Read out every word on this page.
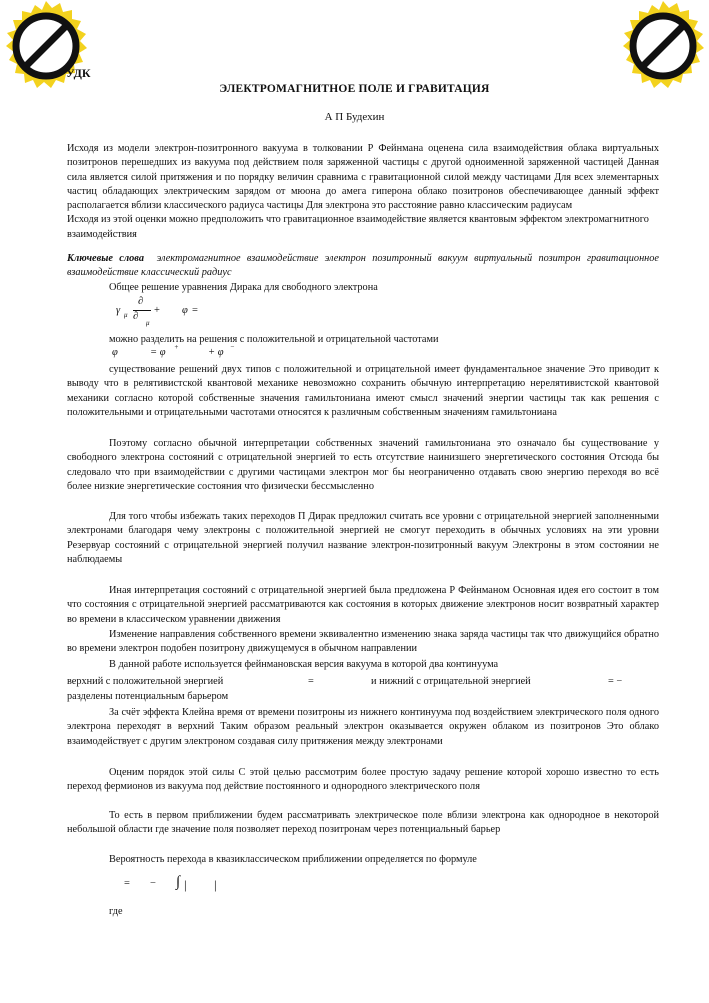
УДК
ЭЛЕКТРОМАГНИТНОЕ ПОЛЕ И ГРАВИТАЦИЯ
А П Будехин

Исходя из модели электрон-позитронного вакуума в толковании Р Фейнмана оценена сила взаимодействия облака виртуальных позитронов перешедших из вакуума под действием поля заряженной частицы с другой одноименной заряженной частицей Данная сила является силой притяжения и по порядку величин сравнима с гравитационной силой между частицами Для всех элементарных частиц обладающих электрическим зарядом от мюона до амега гиперона облако позитронов обеспечивающее данный эффект располагается вблизи классического радиуса частицы Для электрона это расстояние равно классическим радиусам

Исходя из этой оценки можно предположить что гравитационное взаимодействие является квантовым эффектом электромагнитного взаимодействия

Ключевые слова электромагнитное взаимодействие электрон позитронный вакуум виртуальный позитрон гравитационное взаимодействие классический радиус
Общее решение уравнения Дирака для свободного электрона
γ μ
∂
∂
μ
+ φ =
можно разделить на решения с положительной и отрицательной частотами
φ	= φ +	+ φ −
существование решений двух типов с положительной и отрицательной имеет фундаментальное значение Это приводит к выводу что в релятивистской квантовой механике невозможно сохранить обычную интерпретацию нерелятивистской квантовой механики согласно которой собственные значения гамильтониана имеют смысл значений энергии частицы так как решения с положительными и отрицательными частотами относятся к различным собственным значениям гамильтониана
Поэтому согласно обычной интерпретации собственных значений гамильтониана это означало бы существование у свободного электрона состояний с отрицательной энергией то есть отсутствие наинизшего энергетического состояния Отсюда бы следовало что при взаимодействии с другими частицами электрон мог бы неограниченно отдавать свою энергию переходя во всё более низкие энергетические состояния что физически бессмысленно
Для того чтобы избежать таких переходов П Дирак предложил считать все уровни с отрицательной энергией заполненными электронами благодаря чему электроны с положительной энергией не смогут переходить в обычных условиях на эти уровни Резервуар состояний с отрицательной энергией получил название электрон-позитронный вакуум Электроны в этом состоянии не наблюдаемы
Иная интерпретация состояний с отрицательной энергией была предложена Р Фейнманом Основная идея его состоит в том что состояния с отрицательной энергией рассматриваются как состояния в которых движение электронов носит возвратный характер во времени в классическом уравнении движения
Изменение направления собственного времени эквивалентно изменению знака заряда частицы так что движущийся обратно во времени электрон подобен позитрону движущемуся в обычном направлении
В данной работе используется фейнмановская версия вакуума в которой два континуума
верхний с положительной энергией	=	и нижний с отрицательной энергией	= −
разделены потенциальным барьером
За счёт эффекта Клейна время от времени позитроны из нижнего континуума под воздействием электрического поля одного электрона переходят в верхний Таким образом реальный электрон оказывается окружен облаком из позитронов Это облако взаимодействует с другим электроном создавая силу притяжения между электронами
Оценим порядок этой силы С этой целью рассмотрим более простую задачу решение которой хорошо известно то есть переход фермионов из вакуума под действие постоянного и однородного электрического поля
То есть в первом приближении будем рассматривать электрическое поле вблизи электрона как однородное в некоторой небольшой области где значение поля позволяет переход позитронам через потенциальный барьер
Вероятность перехода в квазиклассическом приближении определяется по формуле
= − ∫ | |
где
